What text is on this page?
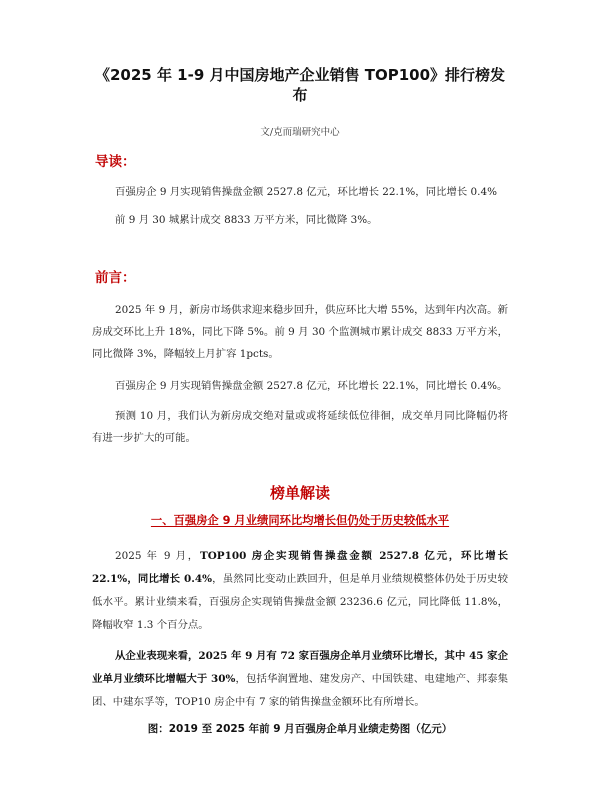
《2025 年 1-9 月中国房地产企业销售 TOP100》排行榜发布
文/克而瑞研究中心
导读：

百强房企 9 月实现销售操盘金额 2527.8 亿元，环比增长 22.1%，同比增长 0.4%

前 9 月 30 城累计成交 8833 万平方米，同比微降 3%。

前言：

2025 年 9 月，新房市场供求迎来稳步回升，供应环比大增 55%，达到年内次高。新房成交环比上升 18%，同比下降 5%。前 9 月 30 个监测城市累计成交 8833 万平方米，同比微降 3%，降幅较上月扩容 1pcts。

百强房企 9 月实现销售操盘金额 2527.8 亿元，环比增长 22.1%，同比增长 0.4%。

预测 10 月，我们认为新房成交绝对量或或将延续低位徘徊，成交单月同比降幅仍将有进一步扩大的可能。

榜单解读
一、百强房企 9 月业绩同环比均增长但仍处于历史较低水平

2025 年 9 月，TOP100 房企实现销售操盘金额 2527.8 亿元，环比增长 22.1%，同比增长 0.4%，虽然同比变动止跌回升，但是单月业绩规模整体仍处于历史较低水平。累计业绩来看，百强房企实现销售操盘金额 23236.6 亿元，同比降低 11.8%，降幅收窄 1.3 个百分点。

从企业表现来看，2025 年 9 月有 72 家百强房企单月业绩环比增长，其中 45 家企业单月业绩环比增幅大于 30%，包括华润置地、建发房产、中国铁建、电建地产、邦泰集团、中建东孚等，TOP10 房企中有 7 家的销售操盘金额环比有所增长。

图：2019 至 2025 年前 9 月百强房企单月业绩走势图（亿元）
